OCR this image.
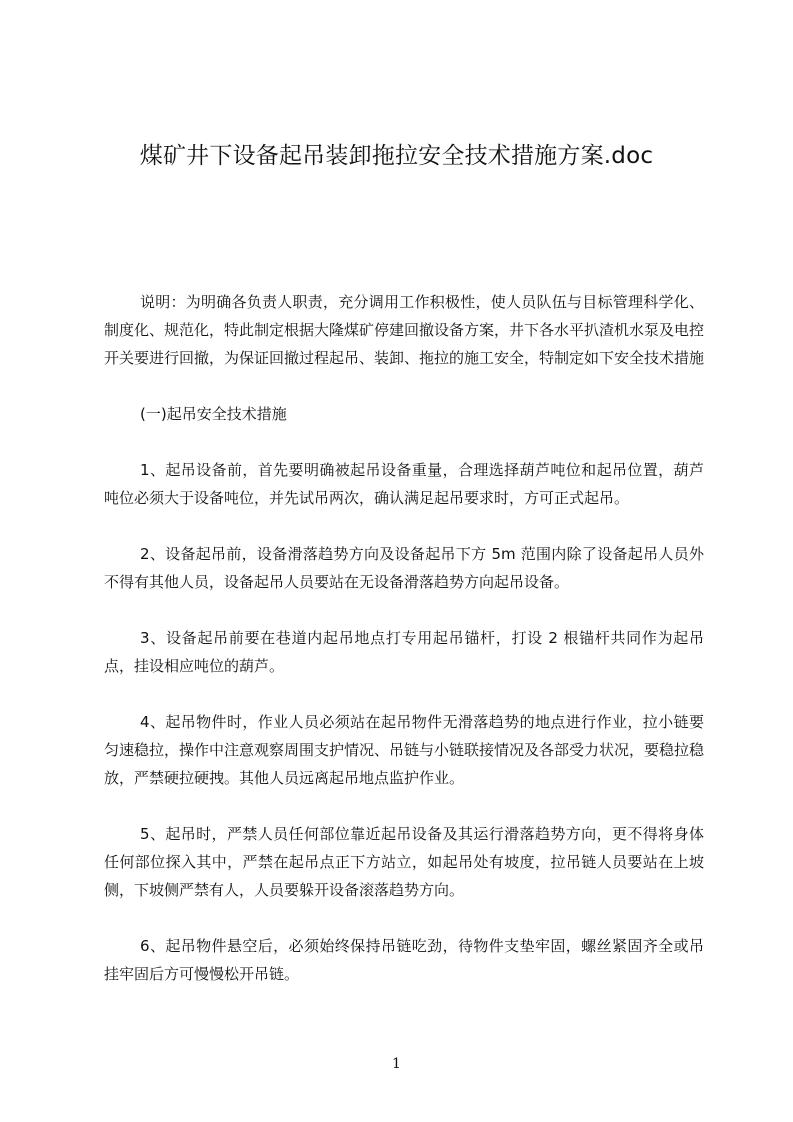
煤矿井下设备起吊装卸拖拉安全技术措施方案.doc

说明：为明确各负责人职责，充分调用工作积极性，使人员队伍与目标管理科学化、制度化、规范化，特此制定根据大隆煤矿停建回撤设备方案，井下各水平扒渣机水泵及电控开关要进行回撤，为保证回撤过程起吊、装卸、拖拉的施工安全，特制定如下安全技术措施

(一)起吊安全技术措施

1、起吊设备前，首先要明确被起吊设备重量，合理选择葫芦吨位和起吊位置，葫芦吨位必须大于设备吨位，并先试吊两次，确认满足起吊要求时，方可正式起吊。

2、设备起吊前，设备滑落趋势方向及设备起吊下方 5m 范围内除了设备起吊人员外不得有其他人员，设备起吊人员要站在无设备滑落趋势方向起吊设备。

3、设备起吊前要在巷道内起吊地点打专用起吊锚杆，打设 2 根锚杆共同作为起吊点，挂设相应吨位的葫芦。

4、起吊物件时，作业人员必须站在起吊物件无滑落趋势的地点进行作业，拉小链要匀速稳拉，操作中注意观察周围支护情况、吊链与小链联接情况及各部受力状况，要稳拉稳放，严禁硬拉硬拽。其他人员远离起吊地点监护作业。

5、起吊时，严禁人员任何部位靠近起吊设备及其运行滑落趋势方向，更不得将身体任何部位探入其中，严禁在起吊点正下方站立，如起吊处有坡度，拉吊链人员要站在上坡侧，下坡侧严禁有人，人员要躲开设备滚落趋势方向。

6、起吊物件悬空后，必须始终保持吊链吃劲，待物件支垫牢固，螺丝紧固齐全或吊挂牢固后方可慢慢松开吊链。

1
